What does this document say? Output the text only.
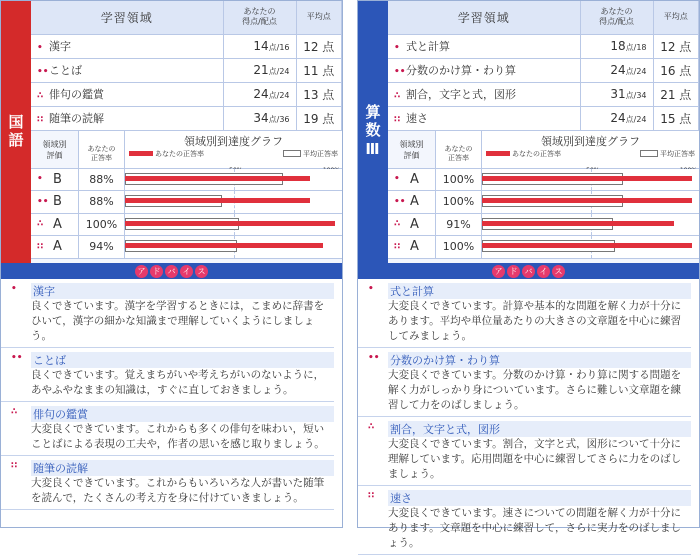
国語
学習領域	あなたの
得点/配点	平均点

• 漢字	14点/16	12 点
••ことば	21点/24	11 点
∴ 俳句の鑑賞	24点/24	13 点
∷ 随筆の読解	34点/36	19 点
領域別
評価
あなたの
正答率
領域別到達度グラフ
あなたの正答率	平均正答率
• B	88%
•• B	88%
∴ A	100%
∷ A	94%
ア ド バ イ ス
• 漢字
良くできています。漢字を学習するときには，こまめに辞書をひいて，漢字の細かな知識まで理解していくようにしましょう。
•• ことば
良くできています。覚えまちがいや考えちがいのないように，あやふやなままの知識は，すぐに直しておきましょう。
∴ 俳句の鑑賞
大変良くできています。これからも多くの俳句を味わい，短いことばによる表現の工夫や，作者の思いを感じ取りましょう。
∷ 随筆の読解
大変良くできています。これからもいろいろな人が書いた随筆を読んで，たくさんの考え方を身に付けていきましょう。
算数Ⅲ
学習領域	あなたの
得点/配点	平均点

• 式と計算	18点/18	12 点
••分数のかけ算・わり算	24点/24	16 点
∴ 割合，文字と式，図形	31点/34	21 点
∷ 速さ	24点/24	15 点
領域別
評価
あなたの
正答率
領域別到達度グラフ
あなたの正答率	平均正答率
• A	100%
•• A	100%
∴ A	91%
∷ A	100%
ア ド バ イ ス
• 式と計算
大変良くできています。計算や基本的な問題を解く力が十分にあります。平均や単位量あたりの大きさの文章題を中心に練習してみましょう。
•• 分数のかけ算・わり算
大変良くできています。分数のかけ算・わり算に関する問題を解く力がしっかり身についています。さらに難しい文章題を練習して力をのばしましょう。
∴ 割合，文字と式，図形
大変良くできています。割合，文字と式，図形について十分に理解しています。応用問題を中心に練習してさらに力をのばしましょう。
∷ 速さ
大変良くできています。速さについての問題を解く力が十分にあります。文章題を中心に練習して，さらに実力をのばしましょう。
